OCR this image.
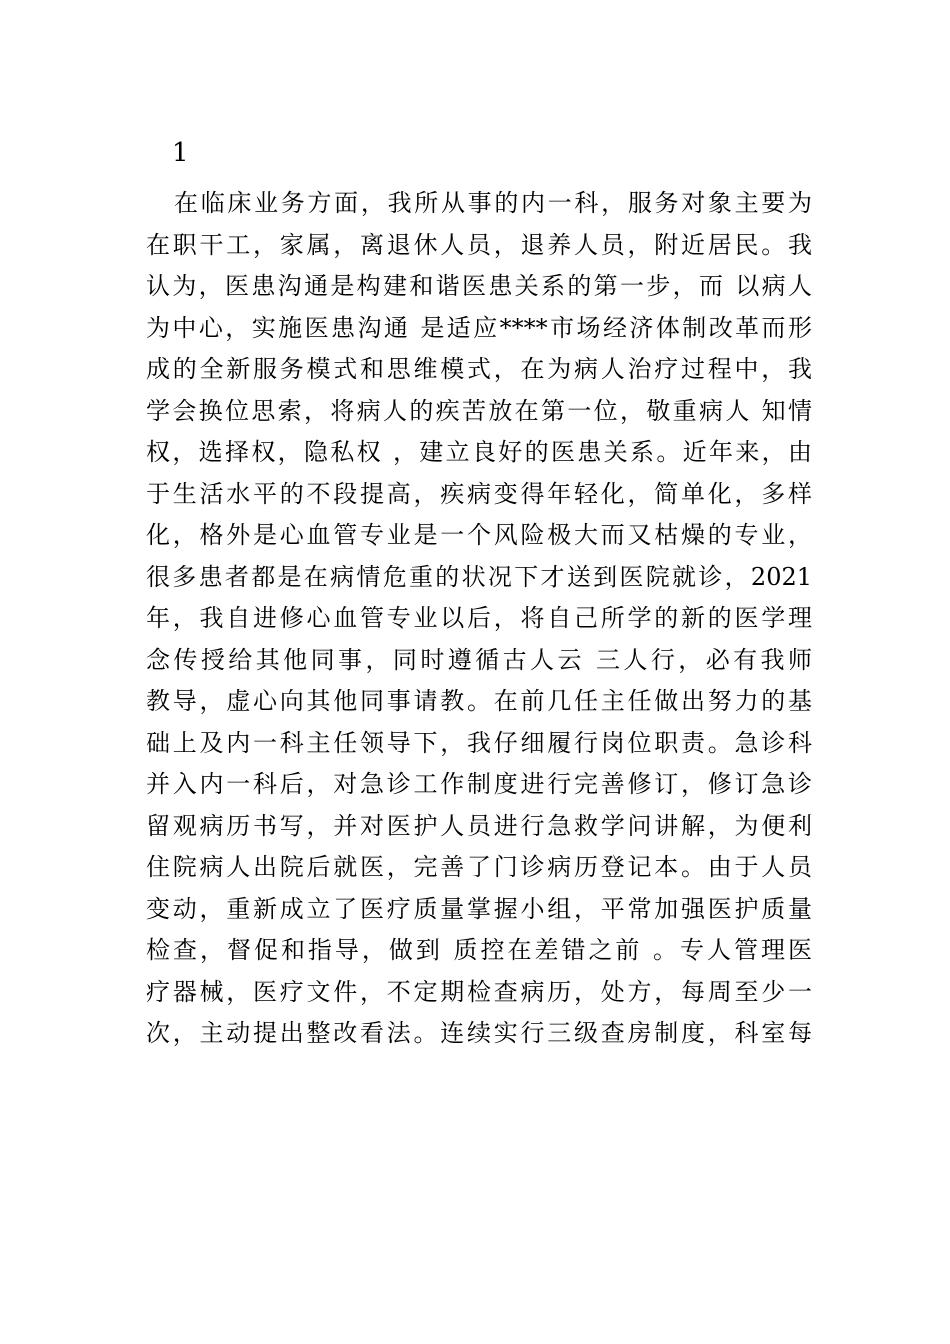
1
在临床业务方面，我所从事的内一科，服务对象主要为
在职干工，家属，离退休人员，退养人员，附近居民。我
认为，医患沟通是构建和谐医患关系的第一步，而 以病人
为中心，实施医患沟通 是适应****市场经济体制改革而形
成的全新服务模式和思维模式，在为病人治疗过程中，我
学会换位思索，将病人的疾苦放在第一位，敬重病人 知情
权，选择权，隐私权 ，建立良好的医患关系。近年来，由
于生活水平的不段提高，疾病变得年轻化，简单化，多样
化，格外是心血管专业是一个风险极大而又枯燥的专业，
很多患者都是在病情危重的状况下才送到医院就诊，2021
年，我自进修心血管专业以后，将自己所学的新的医学理
念传授给其他同事，同时遵循古人云 三人行，必有我师
教导，虚心向其他同事请教。在前几任主任做出努力的基
础上及内一科主任领导下，我仔细履行岗位职责。急诊科
并入内一科后，对急诊工作制度进行完善修订，修订急诊
留观病历书写，并对医护人员进行急救学问讲解，为便利
住院病人出院后就医，完善了门诊病历登记本。由于人员
变动，重新成立了医疗质量掌握小组，平常加强医护质量
检查，督促和指导，做到 质控在差错之前 。专人管理医
疗器械，医疗文件，不定期检查病历，处方，每周至少一
次，主动提出整改看法。连续实行三级查房制度，科室每
